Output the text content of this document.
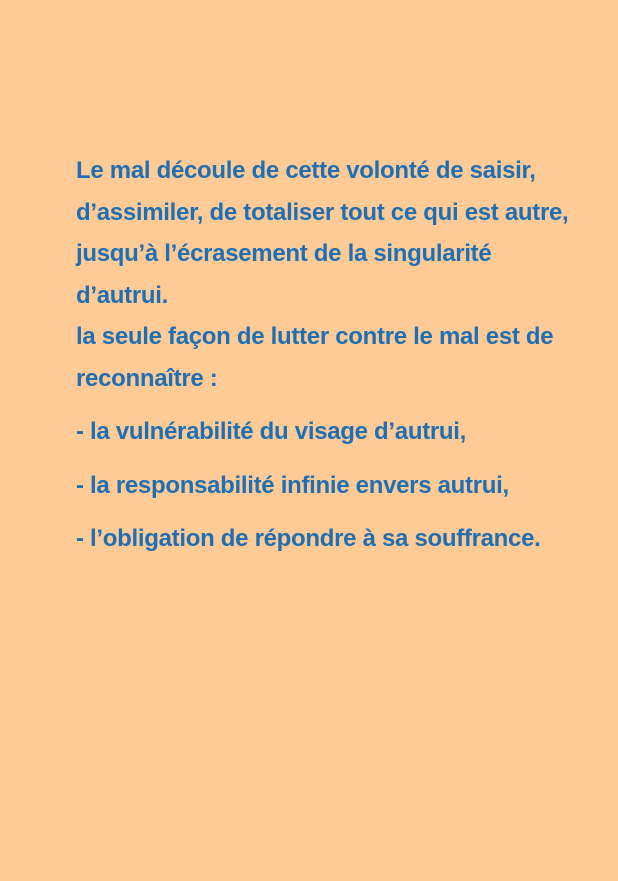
Le mal découle de cette volonté de saisir, d’assimiler, de totaliser tout ce qui est autre, jusqu’à l’écrasement de la singularité d’autrui.

la seule façon de lutter contre le mal est de reconnaître :

- la vulnérabilité du visage d’autrui,
- la responsabilité infinie envers autrui,
- l’obligation de répondre à sa souffrance.
